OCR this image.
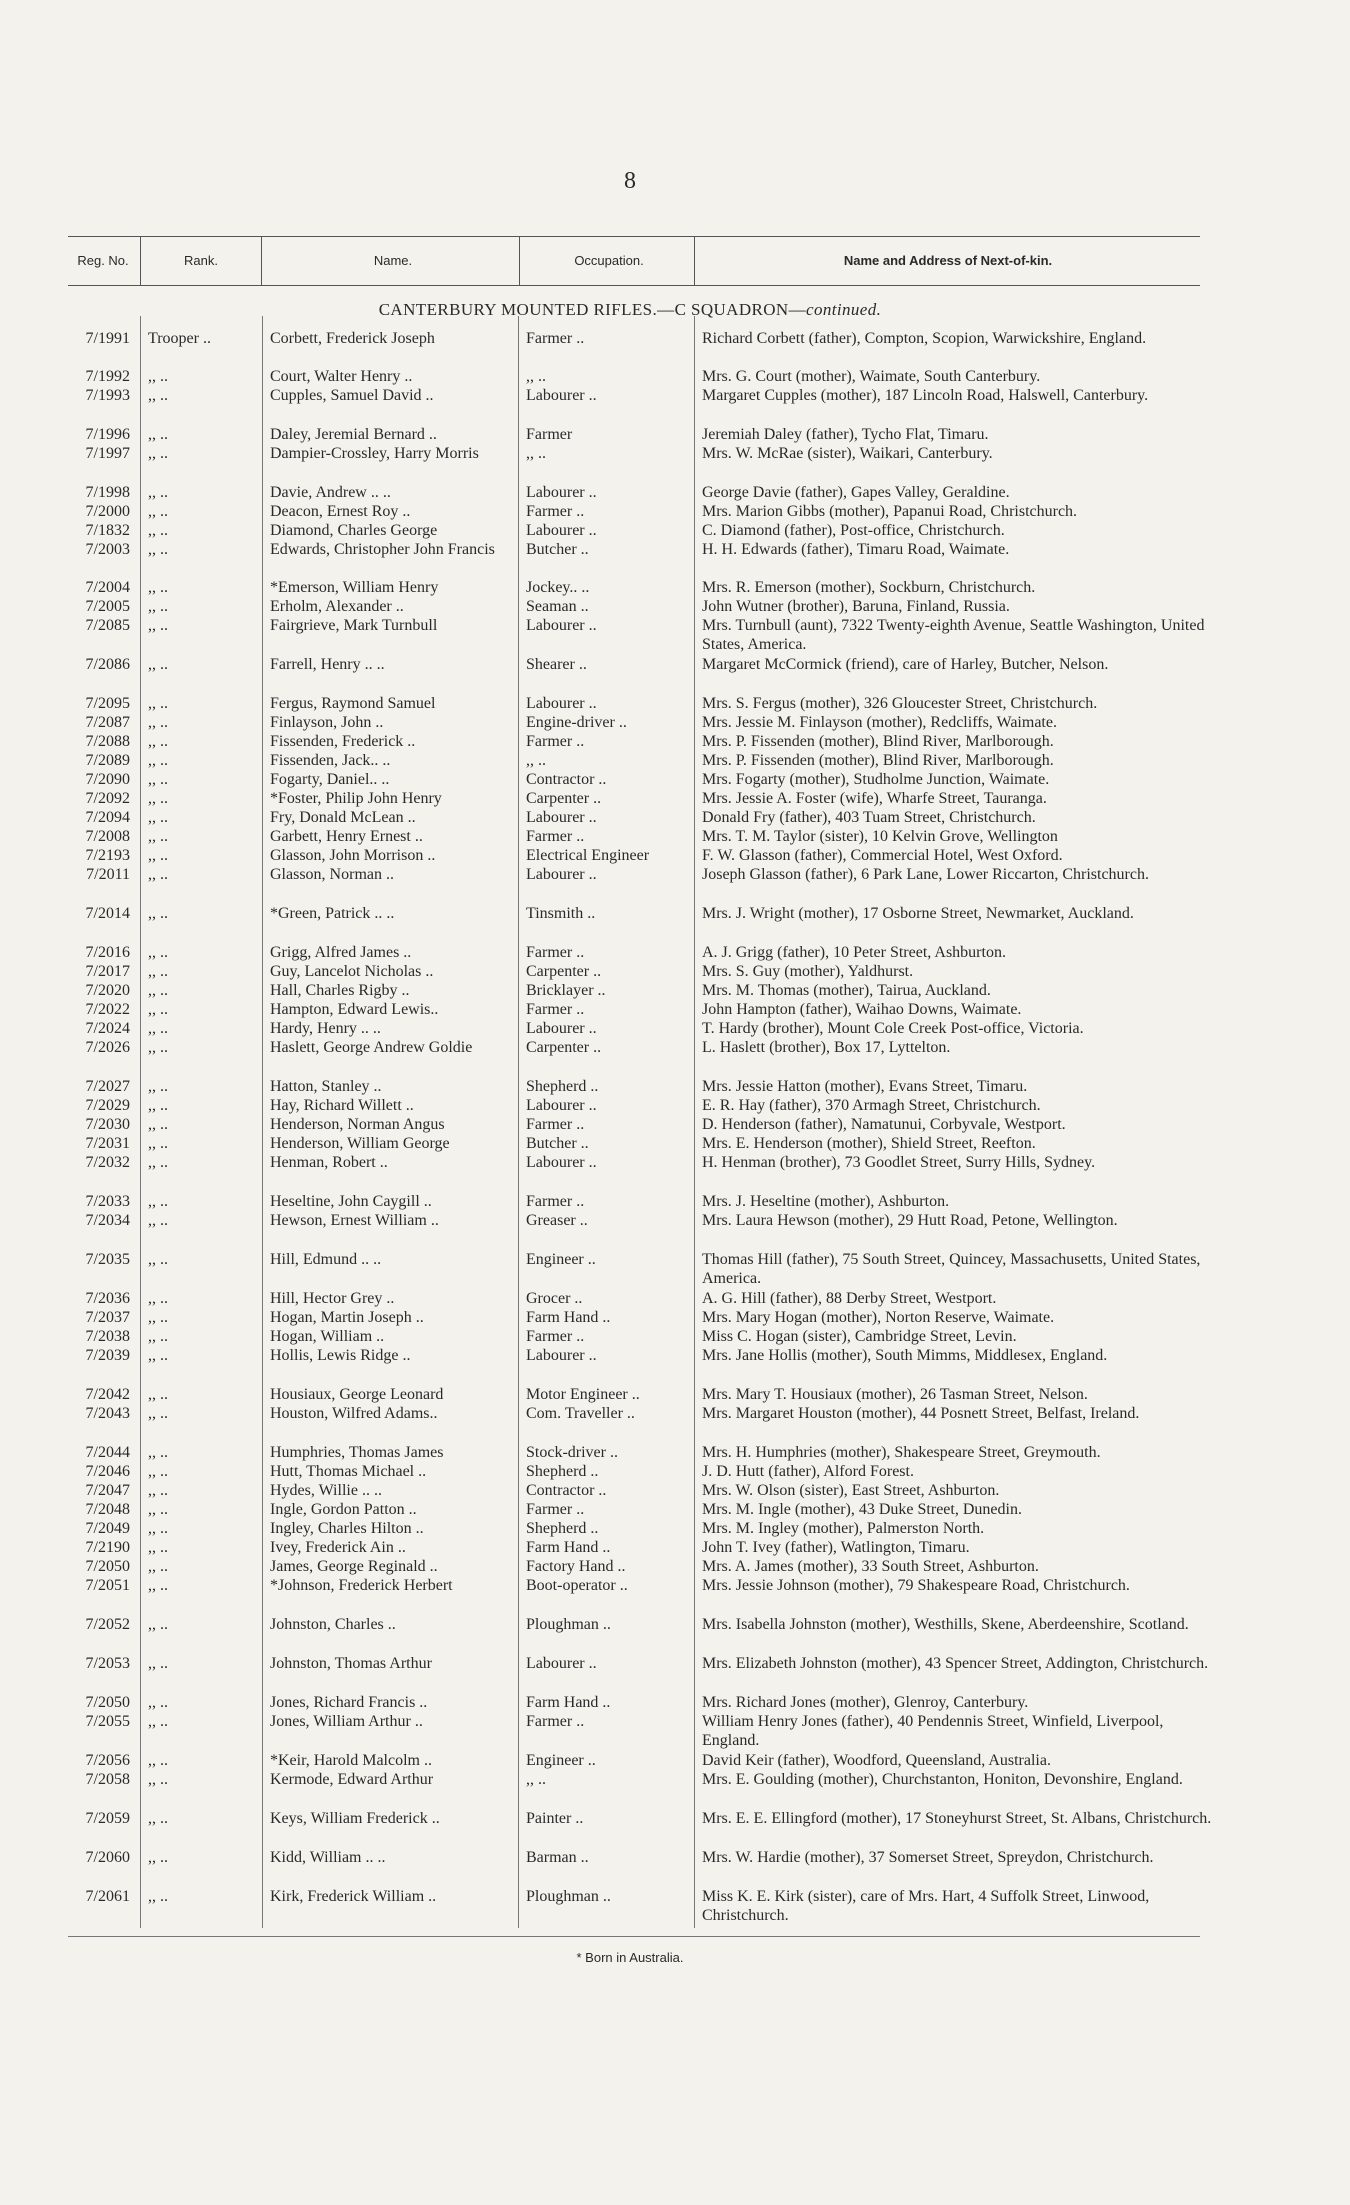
8
Reg. No.	Rank.	Name.	Occupation.	Name and Address of Next-of-kin.
CANTERBURY MOUNTED RIFLES.—C SQUADRON—continued.
7/1991 Trooper ..	Corbett, Frederick Joseph	Farmer ..	Richard Corbett (father), Compton, Scopion, Warwickshire, England.
7/1992 ,, ..	Court, Walter Henry ..	,, ..	Mrs. G. Court (mother), Waimate, South Canterbury.
7/1993 ,, ..	Cupples, Samuel David ..	Labourer ..	Margaret Cupples (mother), 187 Lincoln Road, Halswell, Canterbury.
7/1996 ,, ..	Daley, Jeremial Bernard ..	Farmer	Jeremiah Daley (father), Tycho Flat, Timaru.
7/1997 ,, ..	Dampier-Crossley, Harry Morris	,, ..	Mrs. W. McRae (sister), Waikari, Canterbury.
7/1998 ,, ..	Davie, Andrew .. ..	Labourer ..	George Davie (father), Gapes Valley, Geraldine.
7/2000 ,, ..	Deacon, Ernest Roy ..	Farmer ..	Mrs. Marion Gibbs (mother), Papanui Road, Christchurch.
7/1832 ,, ..	Diamond, Charles George	Labourer ..	C. Diamond (father), Post-office, Christchurch.
7/2003 ,, ..	Edwards, Christopher John Francis	Butcher ..	H. H. Edwards (father), Timaru Road, Waimate.
7/2004 ,, ..	*Emerson, William Henry	Jockey.. ..	Mrs. R. Emerson (mother), Sockburn, Christchurch.
7/2005 ,, ..	Erholm, Alexander ..	Seaman ..	John Wutner (brother), Baruna, Finland, Russia.
7/2085 ,, ..	Fairgrieve, Mark Turnbull	Labourer ..	Mrs. Turnbull (aunt), 7322 Twenty-eighth Avenue, Seattle Washington, United States, America.
7/2086 ,, ..	Farrell, Henry .. ..	Shearer ..	Margaret McCormick (friend), care of Harley, Butcher, Nelson.
7/2095 ,, ..	Fergus, Raymond Samuel	Labourer ..	Mrs. S. Fergus (mother), 326 Gloucester Street, Christchurch.
7/2087 ,, ..	Finlayson, John ..	Engine-driver ..	Mrs. Jessie M. Finlayson (mother), Redcliffs, Waimate.
7/2088 ,, ..	Fissenden, Frederick ..	Farmer ..	Mrs. P. Fissenden (mother), Blind River, Marlborough.
7/2089 ,, ..	Fissenden, Jack.. ..	,, ..	Mrs. P. Fissenden (mother), Blind River, Marlborough.
7/2090 ,, ..	Fogarty, Daniel.. ..	Contractor ..	Mrs. Fogarty (mother), Studholme Junction, Waimate.
7/2092 ,, ..	*Foster, Philip John Henry	Carpenter ..	Mrs. Jessie A. Foster (wife), Wharfe Street, Tauranga.
7/2094 ,, ..	Fry, Donald McLean ..	Labourer ..	Donald Fry (father), 403 Tuam Street, Christchurch.
7/2008 ,, ..	Garbett, Henry Ernest ..	Farmer ..	Mrs. T. M. Taylor (sister), 10 Kelvin Grove, Wellington
7/2193 ,, ..	Glasson, John Morrison ..	Electrical Engineer	F. W. Glasson (father), Commercial Hotel, West Oxford.
7/2011 ,, ..	Glasson, Norman ..	Labourer ..	Joseph Glasson (father), 6 Park Lane, Lower Riccarton, Christchurch.
7/2014 ,, ..	*Green, Patrick .. ..	Tinsmith ..	Mrs. J. Wright (mother), 17 Osborne Street, Newmarket, Auckland.
7/2016 ,, ..	Grigg, Alfred James ..	Farmer ..	A. J. Grigg (father), 10 Peter Street, Ashburton.
7/2017 ,, ..	Guy, Lancelot Nicholas ..	Carpenter ..	Mrs. S. Guy (mother), Yaldhurst.
7/2020 ,, ..	Hall, Charles Rigby ..	Bricklayer ..	Mrs. M. Thomas (mother), Tairua, Auckland.
7/2022 ,, ..	Hampton, Edward Lewis..	Farmer ..	John Hampton (father), Waihao Downs, Waimate.
7/2024 ,, ..	Hardy, Henry .. ..	Labourer ..	T. Hardy (brother), Mount Cole Creek Post-office, Victoria.
7/2026 ,, ..	Haslett, George Andrew Goldie	Carpenter ..	L. Haslett (brother), Box 17, Lyttelton.
7/2027 ,, ..	Hatton, Stanley ..	Shepherd ..	Mrs. Jessie Hatton (mother), Evans Street, Timaru.
7/2029 ,, ..	Hay, Richard Willett ..	Labourer ..	E. R. Hay (father), 370 Armagh Street, Christchurch.
7/2030 ,, ..	Henderson, Norman Angus	Farmer ..	D. Henderson (father), Namatunui, Corbyvale, Westport.
7/2031 ,, ..	Henderson, William George	Butcher ..	Mrs. E. Henderson (mother), Shield Street, Reefton.
7/2032 ,, ..	Henman, Robert ..	Labourer ..	H. Henman (brother), 73 Goodlet Street, Surry Hills, Sydney.
7/2033 ,, ..	Heseltine, John Caygill ..	Farmer ..	Mrs. J. Heseltine (mother), Ashburton.
7/2034 ,, ..	Hewson, Ernest William ..	Greaser ..	Mrs. Laura Hewson (mother), 29 Hutt Road, Petone, Wellington.
7/2035 ,, ..	Hill, Edmund .. ..	Engineer ..	Thomas Hill (father), 75 South Street, Quincey, Massachusetts, United States, America.
7/2036 ,, ..	Hill, Hector Grey ..	Grocer ..	A. G. Hill (father), 88 Derby Street, Westport.
7/2037 ,, ..	Hogan, Martin Joseph ..	Farm Hand ..	Mrs. Mary Hogan (mother), Norton Reserve, Waimate.
7/2038 ,, ..	Hogan, William ..	Farmer ..	Miss C. Hogan (sister), Cambridge Street, Levin.
7/2039 ,, ..	Hollis, Lewis Ridge ..	Labourer ..	Mrs. Jane Hollis (mother), South Mimms, Middlesex, England.
7/2042 ,, ..	Housiaux, George Leonard	Motor Engineer ..	Mrs. Mary T. Housiaux (mother), 26 Tasman Street, Nelson.
7/2043 ,, ..	Houston, Wilfred Adams..	Com. Traveller ..	Mrs. Margaret Houston (mother), 44 Posnett Street, Belfast, Ireland.
7/2044 ,, ..	Humphries, Thomas James	Stock-driver ..	Mrs. H. Humphries (mother), Shakespeare Street, Greymouth.
7/2046 ,, ..	Hutt, Thomas Michael ..	Shepherd ..	J. D. Hutt (father), Alford Forest.
7/2047 ,, ..	Hydes, Willie .. ..	Contractor ..	Mrs. W. Olson (sister), East Street, Ashburton.
7/2048 ,, ..	Ingle, Gordon Patton ..	Farmer ..	Mrs. M. Ingle (mother), 43 Duke Street, Dunedin.
7/2049 ,, ..	Ingley, Charles Hilton ..	Shepherd ..	Mrs. M. Ingley (mother), Palmerston North.
7/2190 ,, ..	Ivey, Frederick Ain ..	Farm Hand ..	John T. Ivey (father), Watlington, Timaru.
7/2050 ,, ..	James, George Reginald ..	Factory Hand ..	Mrs. A. James (mother), 33 South Street, Ashburton.
7/2051 ,, ..	*Johnson, Frederick Herbert	Boot-operator ..	Mrs. Jessie Johnson (mother), 79 Shakespeare Road, Christchurch.
7/2052 ,, ..	Johnston, Charles ..	Ploughman ..	Mrs. Isabella Johnston (mother), Westhills, Skene, Aberdeenshire, Scotland.
7/2053 ,, ..	Johnston, Thomas Arthur	Labourer ..	Mrs. Elizabeth Johnston (mother), 43 Spencer Street, Addington, Christchurch.
7/2050 ,, ..	Jones, Richard Francis ..	Farm Hand ..	Mrs. Richard Jones (mother), Glenroy, Canterbury.
7/2055 ,, ..	Jones, William Arthur ..	Farmer ..	William Henry Jones (father), 40 Pendennis Street, Winfield, Liverpool, England.
7/2056 ,, ..	*Keir, Harold Malcolm ..	Engineer ..	David Keir (father), Woodford, Queensland, Australia.
7/2058 ,, ..	Kermode, Edward Arthur	,, ..	Mrs. E. Goulding (mother), Churchstanton, Honiton, Devonshire, England.
7/2059 ,, ..	Keys, William Frederick ..	Painter ..	Mrs. E. E. Ellingford (mother), 17 Stoneyhurst Street, St. Albans, Christchurch.
7/2060 ,, ..	Kidd, William .. ..	Barman ..	Mrs. W. Hardie (mother), 37 Somerset Street, Spreydon, Christchurch.
7/2061 ,, ..	Kirk, Frederick William ..	Ploughman ..	Miss K. E. Kirk (sister), care of Mrs. Hart, 4 Suffolk Street, Linwood, Christchurch.
* Born in Australia.
